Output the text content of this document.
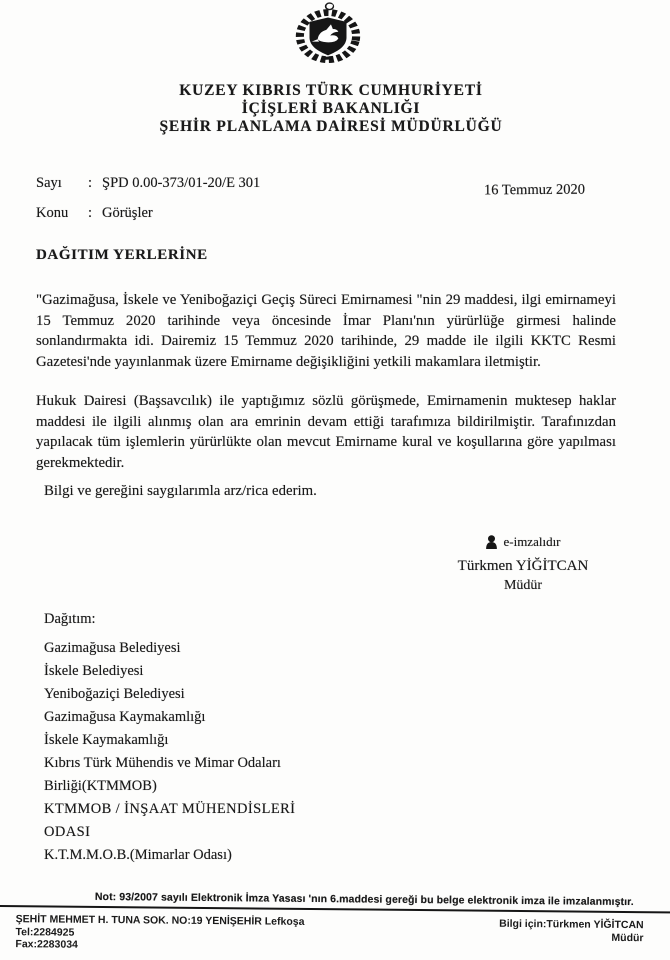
KUZEY KIBRIS TÜRK CUMHURİYETİ
İÇİŞLERİ BAKANLIĞI
ŞEHİR PLANLAMA DAİRESİ MÜDÜRLÜĞÜ
Sayı : ŞPD 0.00-373/01-20/E 301	16 Temmuz 2020
Konu : Görüşler
DAĞITIM YERLERİNE
"Gazimağusa, İskele ve Yeniboğaziçi Geçiş Süreci Emirnamesi "nin 29 maddesi, ilgi emirnameyi 15 Temmuz 2020 tarihinde veya öncesinde İmar Planı'nın yürürlüğe girmesi halinde sonlandırmakta idi. Dairemiz 15 Temmuz 2020 tarihinde, 29 madde ile ilgili KKTC Resmi Gazetesi'nde yayınlanmak üzere Emirname değişikliğini yetkili makamlara iletmiştir.
Hukuk Dairesi (Başsavcılık) ile yaptığımız sözlü görüşmede, Emirnamenin muktesep haklar maddesi ile ilgili alınmış olan ara emrinin devam ettiği tarafımıza bildirilmiştir. Tarafınızdan yapılacak tüm işlemlerin yürürlükte olan mevcut Emirname kural ve koşullarına göre yapılması gerekmektedir.
Bilgi ve gereğini saygılarımla arz/rica ederim.
e-imzalıdır
Türkmen YİĞİTCAN
Müdür
Dağıtım:
Gazimağusa Belediyesi
İskele Belediyesi
Yeniboğaziçi Belediyesi
Gazimağusa Kaymakamlığı
İskele Kaymakamlığı
Kıbrıs Türk Mühendis ve Mimar Odaları
Birliği(KTMMOB)
KTMMOB / İNŞAAT MÜHENDİSLERİ
ODASI
K.T.M.M.O.B.(Mimarlar Odası)
Not: 93/2007 sayılı Elektronik İmza Yasası 'nın 6.maddesi gereği bu belge elektronik imza ile imzalanmıştır.
ŞEHİT MEHMET H. TUNA SOK. NO:19 YENİŞEHİR Lefkoşa
Tel:2284925
Fax:2283034
Bilgi için:Türkmen YİĞİTCAN
Müdür
